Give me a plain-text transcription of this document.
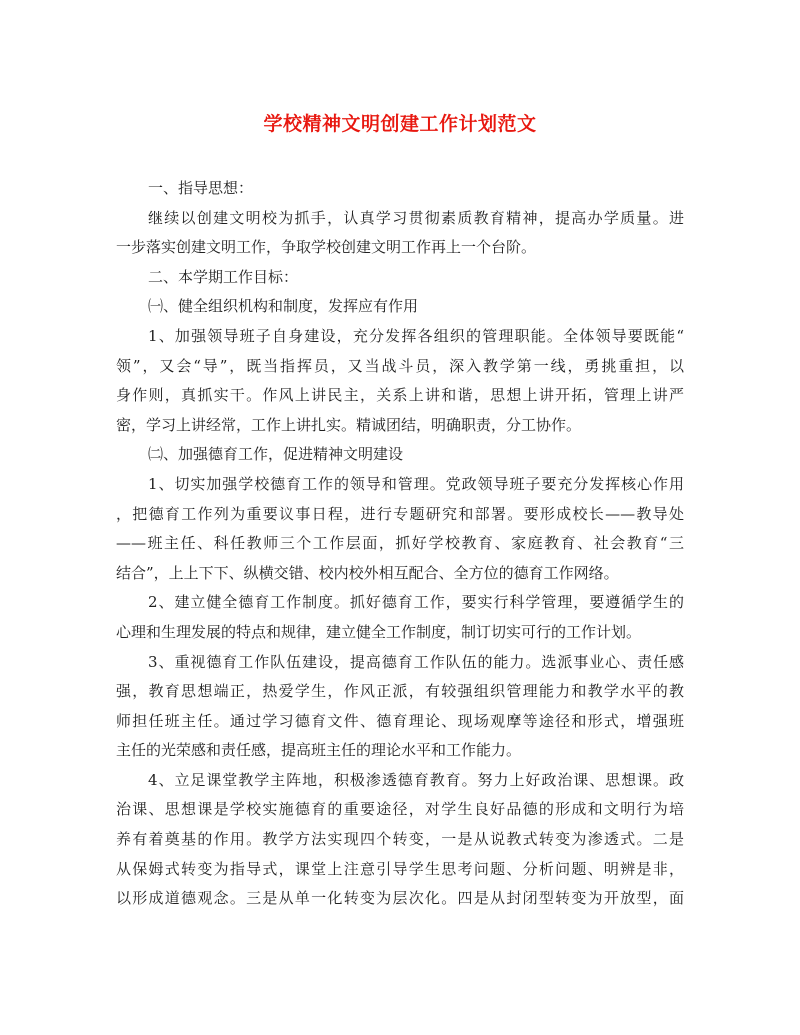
学校精神文明创建工作计划范文
一、指导思想：
继续以创建文明校为抓手，认真学习贯彻素质教育精神，提高办学质量。进
一步落实创建文明工作，争取学校创建文明工作再上一个台阶。
二、本学期工作目标：
㈠、健全组织机构和制度，发挥应有作用
1、加强领导班子自身建设，充分发挥各组织的管理职能。全体领导要既能“
领”，又会“导”，既当指挥员，又当战斗员，深入教学第一线，勇挑重担，以
身作则，真抓实干。作风上讲民主，关系上讲和谐，思想上讲开拓，管理上讲严
密，学习上讲经常，工作上讲扎实。精诚团结，明确职责，分工协作。
㈡、加强德育工作，促进精神文明建设
1、切实加强学校德育工作的领导和管理。党政领导班子要充分发挥核心作用
，把德育工作列为重要议事日程，进行专题研究和部署。要形成校长——教导处
——班主任、科任教师三个工作层面，抓好学校教育、家庭教育、社会教育“三
结合”，上上下下、纵横交错、校内校外相互配合、全方位的德育工作网络。
2、建立健全德育工作制度。抓好德育工作，要实行科学管理，要遵循学生的
心理和生理发展的特点和规律，建立健全工作制度，制订切实可行的工作计划。
3、重视德育工作队伍建设，提高德育工作队伍的能力。选派事业心、责任感
强，教育思想端正，热爱学生，作风正派，有较强组织管理能力和教学水平的教
师担任班主任。通过学习德育文件、德育理论、现场观摩等途径和形式，增强班
主任的光荣感和责任感，提高班主任的理论水平和工作能力。
4、立足课堂教学主阵地，积极渗透德育教育。努力上好政治课、思想课。政
治课、思想课是学校实施德育的重要途径，对学生良好品德的形成和文明行为培
养有着奠基的作用。教学方法实现四个转变，一是从说教式转变为渗透式。二是
从保姆式转变为指导式，课堂上注意引导学生思考问题、分析问题、明辨是非，
以形成道德观念。三是从单一化转变为层次化。四是从封闭型转变为开放型，面
